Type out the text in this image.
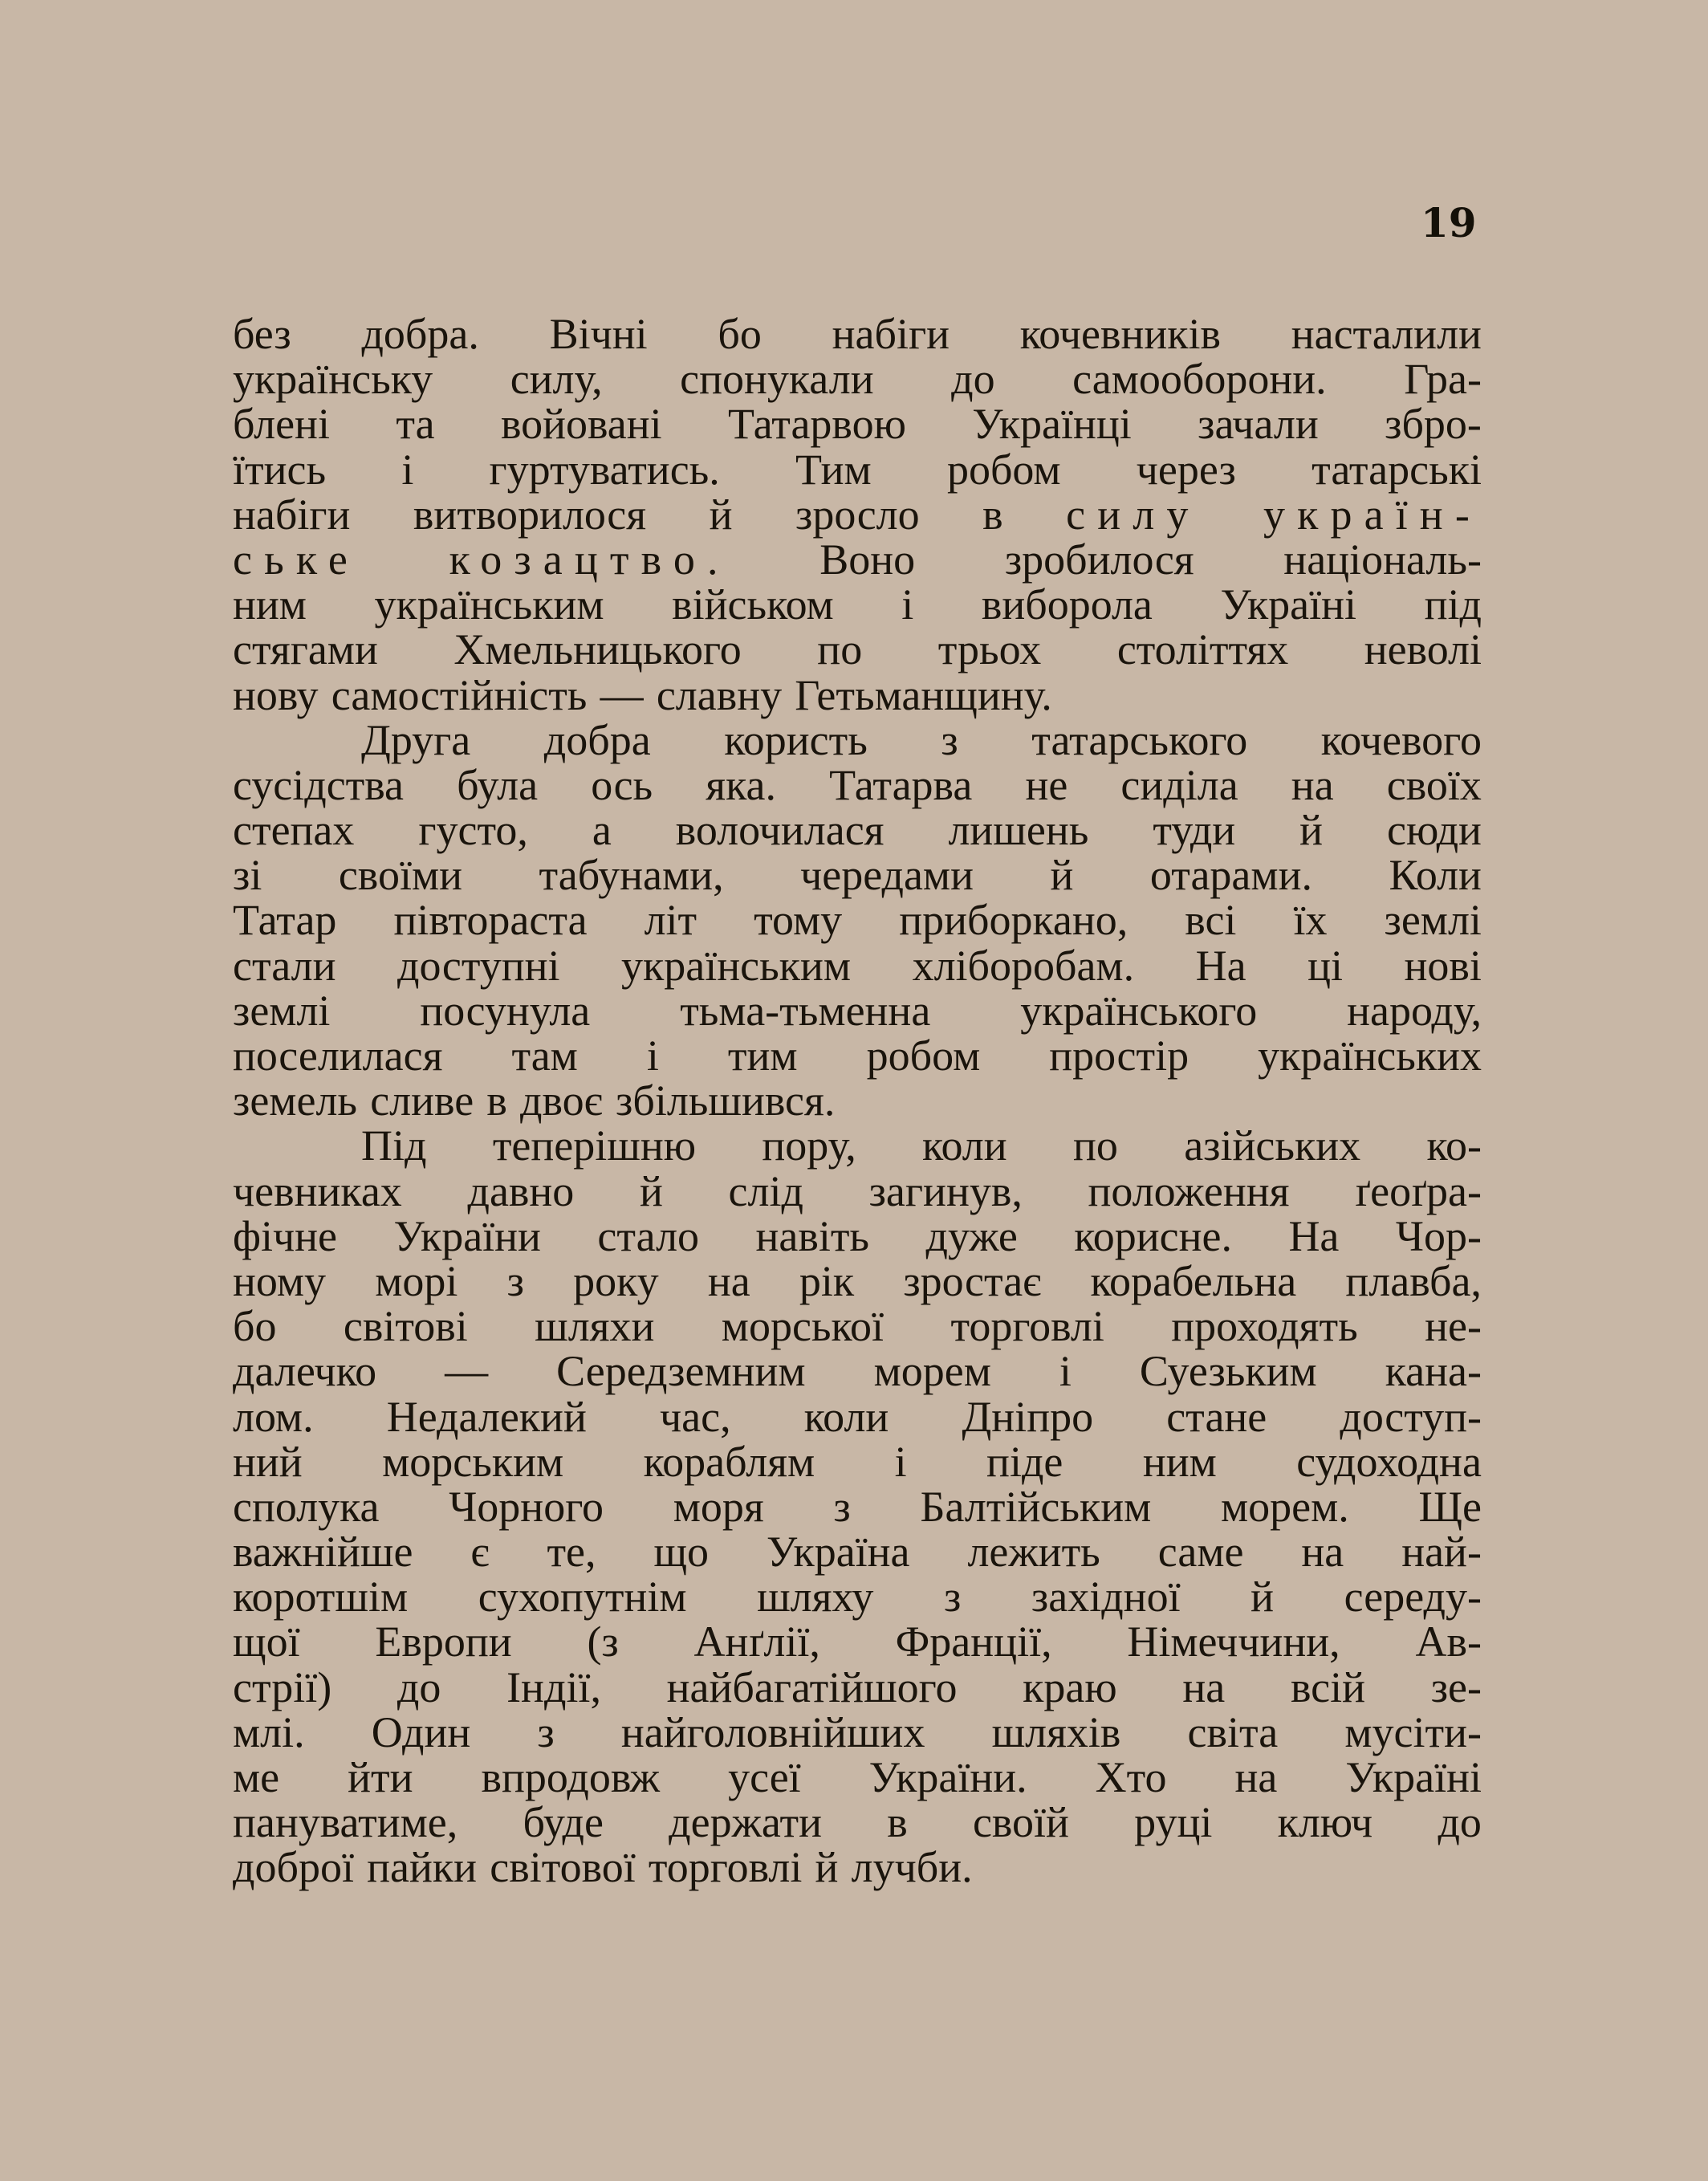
19
без добра. Вічні бо набіги кочевників насталили
українську силу, спонукали до самооборони. Гра-
блені та войовані Татарвою Українці зачали збро-
їтись і гуртуватись. Тим робом через татарські
набіги витворилося й зросло в силу україн-
ське козацтво. Воно зробилося національ-
ним українським військом і виборола Україні під
стягами Хмельницького по трьох століттях неволі
нову самостійність — славну Гетьманщину.
Друга добра користь з татарського кочевого
сусідства була ось яка. Татарва не сиділа на своїх
степах густо, а волочилася лишень туди й сюди
зі своїми табунами, чередами й отарами. Коли
Татар півтораста літ тому приборкано, всі їх землі
стали доступні українським хліборобам. На ці нові
землі посунула тьма-тьменна українського народу,
поселилася там і тим робом простір українських
земель сливе в двоє збільшився.
Під теперішню пору, коли по азійських ко-
чевниках давно й слід загинув, положення ґеоґра-
фічне України стало навіть дуже корисне. На Чор-
ному морі з року на рік зростає корабельна плавба,
бо світові шляхи морської торговлі проходять не-
далечко — Середземним морем і Суезьким кана-
лом. Недалекий час, коли Дніпро стане доступ-
ний морським кораблям і піде ним судоходна
сполука Чорного моря з Балтійським морем. Ще
важнійше є те, що Україна лежить саме на най-
коротшім сухопутнім шляху з західної й середу-
щої Европи (з Анґлії, Франції, Німеччини, Ав-
стрії) до Індії, найбагатійшого краю на всій зе-
млі. Один з найголовнійших шляхів світа мусіти-
ме йти впродовж усеї України. Хто на Україні
пануватиме, буде держати в своїй руці ключ до
доброї пайки світової торговлі й лучби.
